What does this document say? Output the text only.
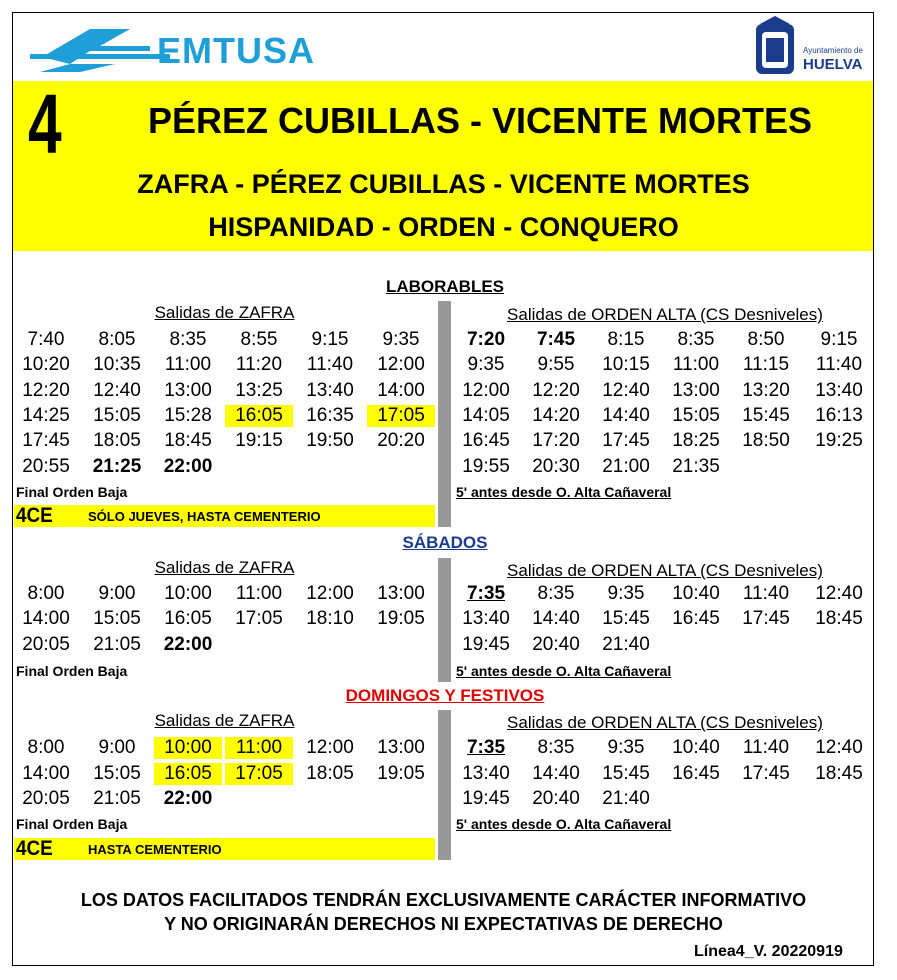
EMTUSA	Ayuntamiento de
HUELVA
4	PÉREZ CUBILLAS - VICENTE MORTES
ZAFRA - PÉREZ CUBILLAS - VICENTE MORTES
HISPANIDAD - ORDEN - CONQUERO
LABORABLES
Salidas de ZAFRA	Salidas de ORDEN ALTA (CS Desniveles)
7:40	8:05	8:35	8:55	9:15	9:35
10:20	10:35	11:00	11:20	11:40	12:00
12:20	12:40	13:00	13:25	13:40	14:00
14:25	15:05	15:28	16:05	16:35	17:05
17:45	18:05	18:45	19:15	19:50	20:20
20:55	21:25	22:00
7:20	7:45	8:15	8:35	8:50	9:15
9:35	9:55	10:15	11:00	11:15	11:40
12:00	12:20	12:40	13:00	13:20	13:40
14:05	14:20	14:40	15:05	15:45	16:13
16:45	17:20	17:45	18:25	18:50	19:25
19:55	20:30	21:00	21:35
Final Orden Baja	5' antes desde O. Alta Cañaveral
4CE	SÓLO JUEVES, HASTA CEMENTERIO
SÁBADOS
Salidas de ZAFRA	Salidas de ORDEN ALTA (CS Desniveles)
8:00	9:00	10:00	11:00	12:00	13:00
14:00	15:05	16:05	17:05	18:10	19:05
20:05	21:05	22:00
7:35	8:35	9:35	10:40	11:40	12:40
13:40	14:40	15:45	16:45	17:45	18:45
19:45	20:40	21:40
Final Orden Baja	5' antes desde O. Alta Cañaveral
DOMINGOS Y FESTIVOS
Salidas de ZAFRA	Salidas de ORDEN ALTA (CS Desniveles)
8:00	9:00	10:00	11:00	12:00	13:00
14:00	15:05	16:05	17:05	18:05	19:05
20:05	21:05	22:00
7:35	8:35	9:35	10:40	11:40	12:40
13:40	14:40	15:45	16:45	17:45	18:45
19:45	20:40	21:40
Final Orden Baja	5' antes desde O. Alta Cañaveral
4CE	HASTA CEMENTERIO
LOS DATOS FACILITADOS TENDRÁN EXCLUSIVAMENTE CARÁCTER INFORMATIVO
Y NO ORIGINARÁN DERECHOS NI EXPECTATIVAS DE DERECHO
Línea4_V. 20220919
